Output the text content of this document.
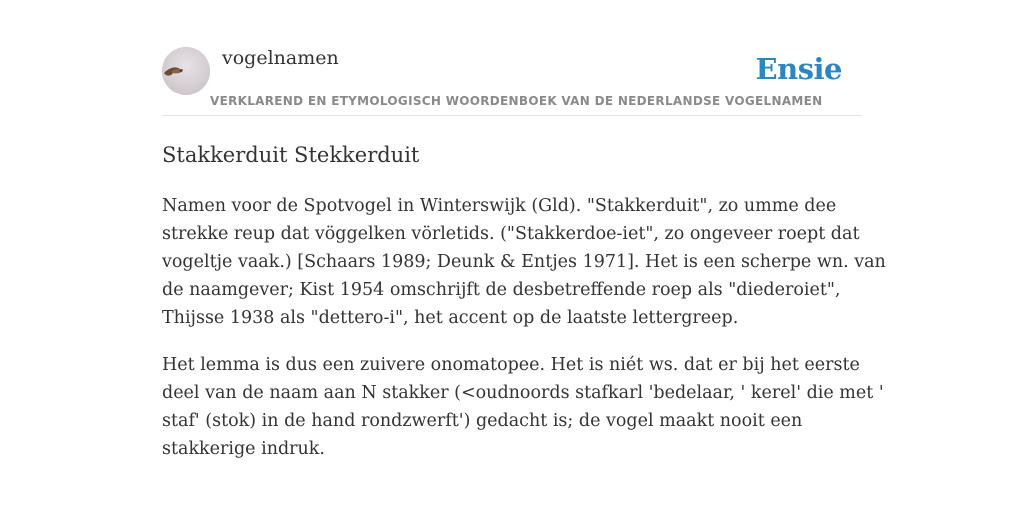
vogelnamen	Ensie
VERKLAREND EN ETYMOLOGISCH WOORDENBOEK VAN DE NEDERLANDSE VOGELNAMEN
Stakkerduit Stekkerduit

Namen voor de Spotvogel in Winterswijk (Gld). "Stakkerduit", zo umme dee
strekke reup dat vöggelken vörletids. ("Stakkerdoe-iet", zo ongeveer roept dat
vogeltje vaak.) [Schaars 1989; Deunk & Entjes 1971]. Het is een scherpe wn. van
de naamgever; Kist 1954 omschrijft de desbetreffende roep als "diederoiet",
Thijsse 1938 als "dettero-i", het accent op de laatste lettergreep.

Het lemma is dus een zuivere onomatopee. Het is niét ws. dat er bij het eerste
deel van de naam aan N stakker (<oudnoords stafkarl 'bedelaar, ' kerel' die met '
staf' (stok) in de hand rondzwerft') gedacht is; de vogel maakt nooit een
stakkerige indruk.
